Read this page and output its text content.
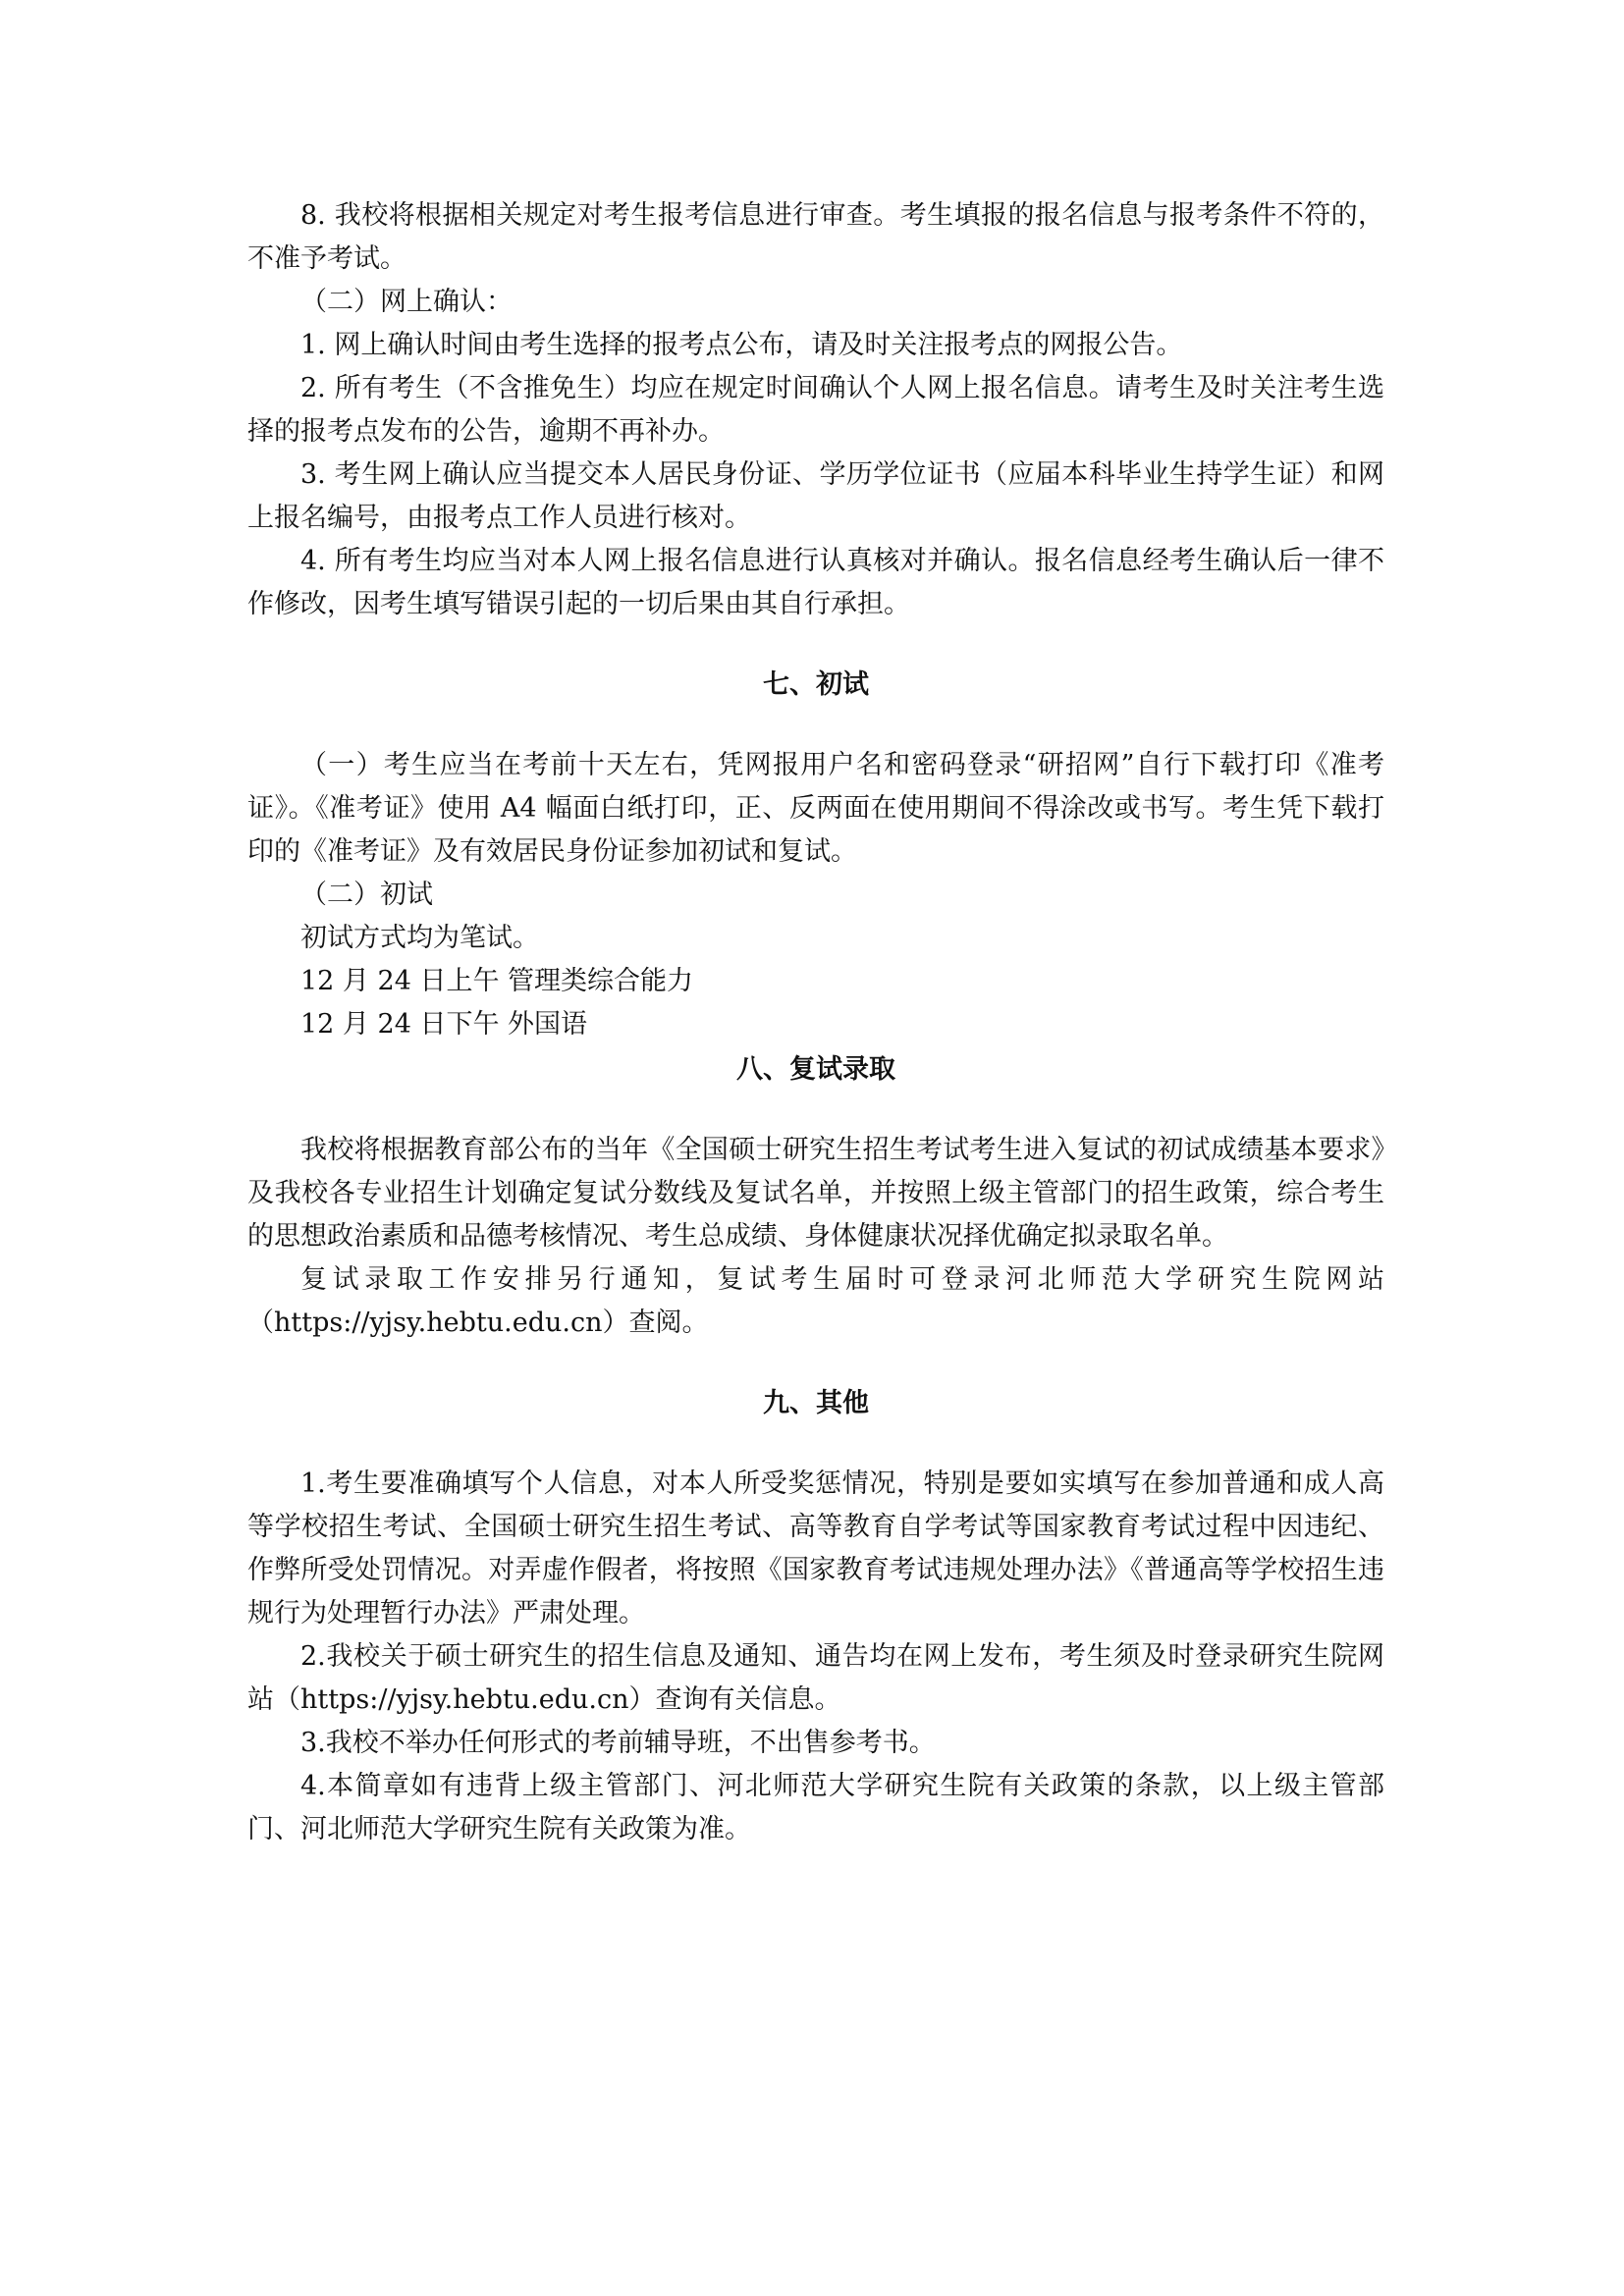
8. 我校将根据相关规定对考生报考信息进行审查。考生填报的报名信息与报考条件不符的，不准予考试。

（二）网上确认：

1. 网上确认时间由考生选择的报考点公布，请及时关注报考点的网报公告。

2. 所有考生（不含推免生）均应在规定时间确认个人网上报名信息。请考生及时关注考生选择的报考点发布的公告，逾期不再补办。

3. 考生网上确认应当提交本人居民身份证、学历学位证书（应届本科毕业生持学生证）和网上报名编号，由报考点工作人员进行核对。

4. 所有考生均应当对本人网上报名信息进行认真核对并确认。报名信息经考生确认后一律不作修改，因考生填写错误引起的一切后果由其自行承担。

七、初试

（一）考生应当在考前十天左右，凭网报用户名和密码登录“研招网”自行下载打印《准考证》。《准考证》使用 A4 幅面白纸打印，正、反两面在使用期间不得涂改或书写。考生凭下载打印的《准考证》及有效居民身份证参加初试和复试。

（二）初试

初试方式均为笔试。

12 月 24 日上午 管理类综合能力

12 月 24 日下午 外国语

八、复试录取

我校将根据教育部公布的当年《全国硕士研究生招生考试考生进入复试的初试成绩基本要求》及我校各专业招生计划确定复试分数线及复试名单，并按照上级主管部门的招生政策，综合考生的思想政治素质和品德考核情况、考生总成绩、身体健康状况择优确定拟录取名单。

复试录取工作安排另行通知，复试考生届时可登录河北师范大学研究生院网站（https://yjsy.hebtu.edu.cn）查阅。

九、其他

1.考生要准确填写个人信息，对本人所受奖惩情况，特别是要如实填写在参加普通和成人高等学校招生考试、全国硕士研究生招生考试、高等教育自学考试等国家教育考试过程中因违纪、作弊所受处罚情况。对弄虚作假者，将按照《国家教育考试违规处理办法》《普通高等学校招生违规行为处理暂行办法》严肃处理。

2.我校关于硕士研究生的招生信息及通知、通告均在网上发布，考生须及时登录研究生院网站（https://yjsy.hebtu.edu.cn）查询有关信息。

3.我校不举办任何形式的考前辅导班，不出售参考书。

4.本简章如有违背上级主管部门、河北师范大学研究生院有关政策的条款，以上级主管部门、河北师范大学研究生院有关政策为准。
